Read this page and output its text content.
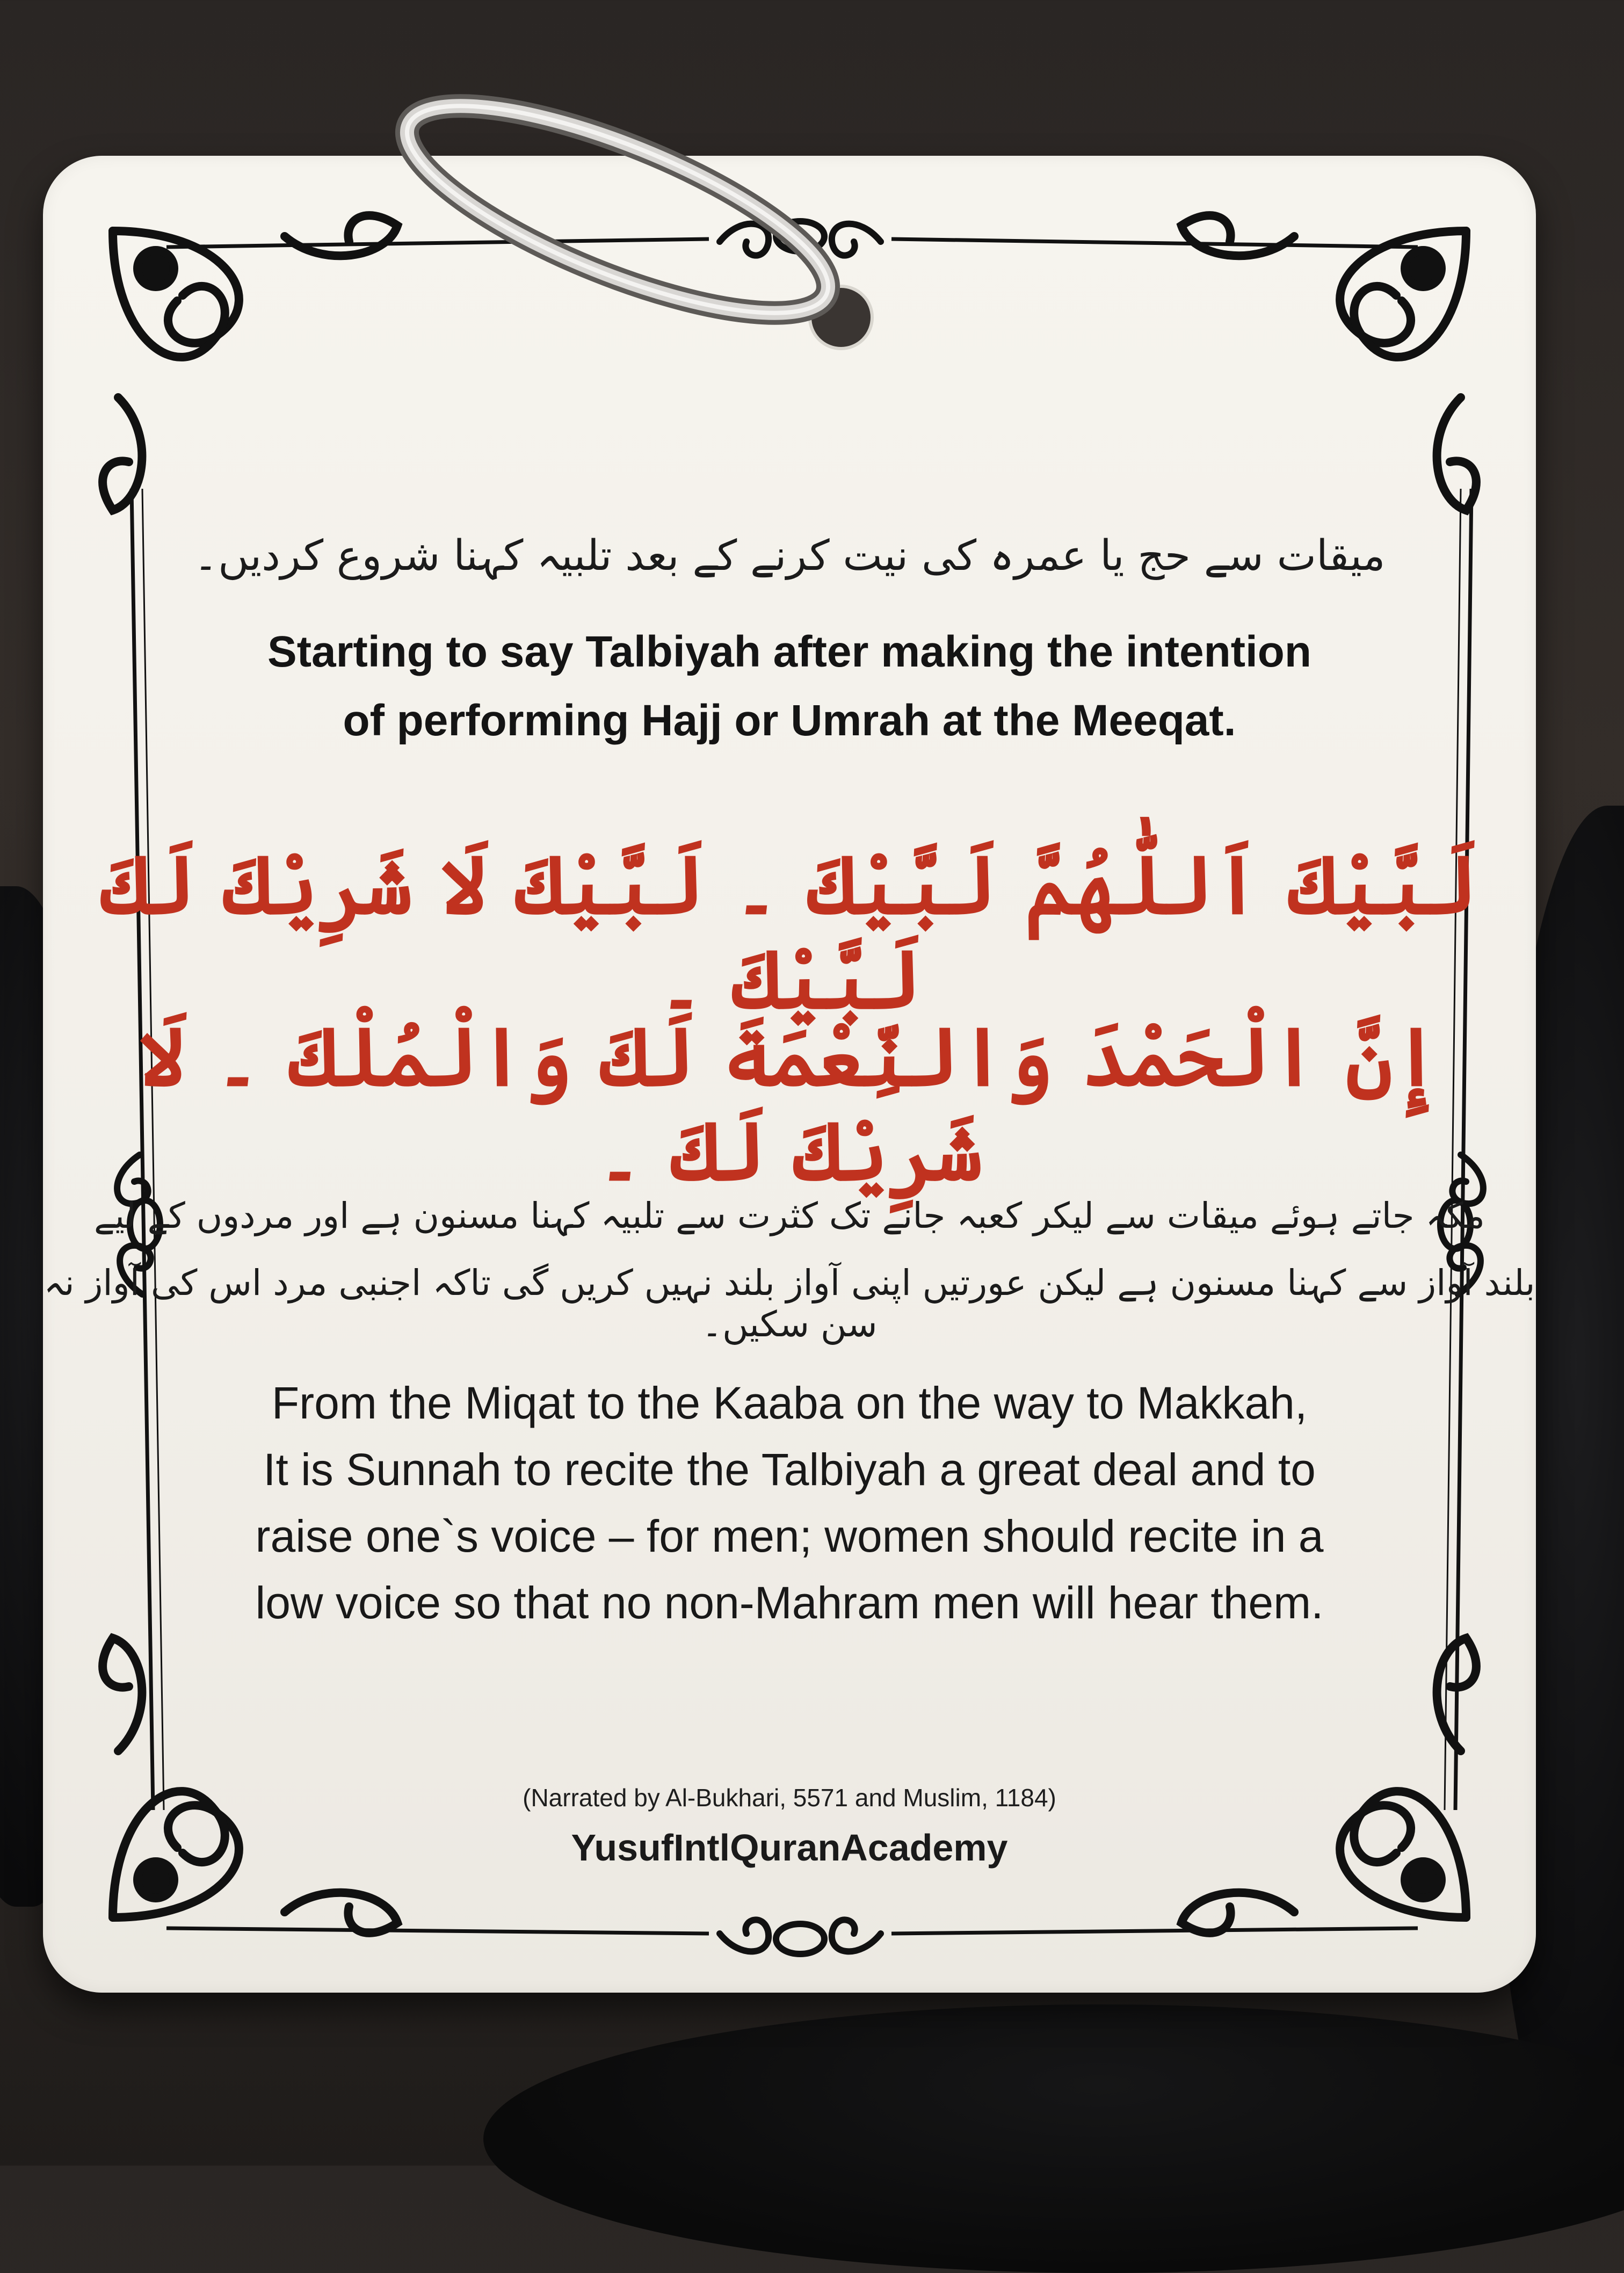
میقات سے حج یا عمرہ کی نیت کرنے کے بعد تلبیہ کہنا شروع کردیں۔
Starting to say Talbiyah after making the intention
of performing Hajj or Umrah at the Meeqat.
لَبَّيْكَ اَللّٰهُمَّ لَبَّيْكَ ۔ لَبَّيْكَ لَا شَرِيْكَ لَكَ لَبَّيْكَ ۔
إِنَّ الْحَمْدَ وَالنِّعْمَةَ لَكَ وَالْمُلْكَ ۔ لَا شَرِيْكَ لَكَ ۔
مکہ جاتے ہوئے میقات سے لیکر کعبہ جانے تک کثرت سے تلبیہ کہنا مسنون ہے اور مردوں کے لیے
بلند آواز سے کہنا مسنون ہے لیکن عورتیں اپنی آواز بلند نہیں کریں گی تاکہ اجنبی مرد اس کی آواز نہ سن سکیں۔
From the Miqat to the Kaaba on the way to Makkah,
It is Sunnah to recite the Talbiyah a great deal and to
raise one`s voice – for men; women should recite in a
low voice so that no non-Mahram men will hear them.
(Narrated by Al-Bukhari, 5571 and Muslim, 1184)
YusufIntlQuranAcademy
